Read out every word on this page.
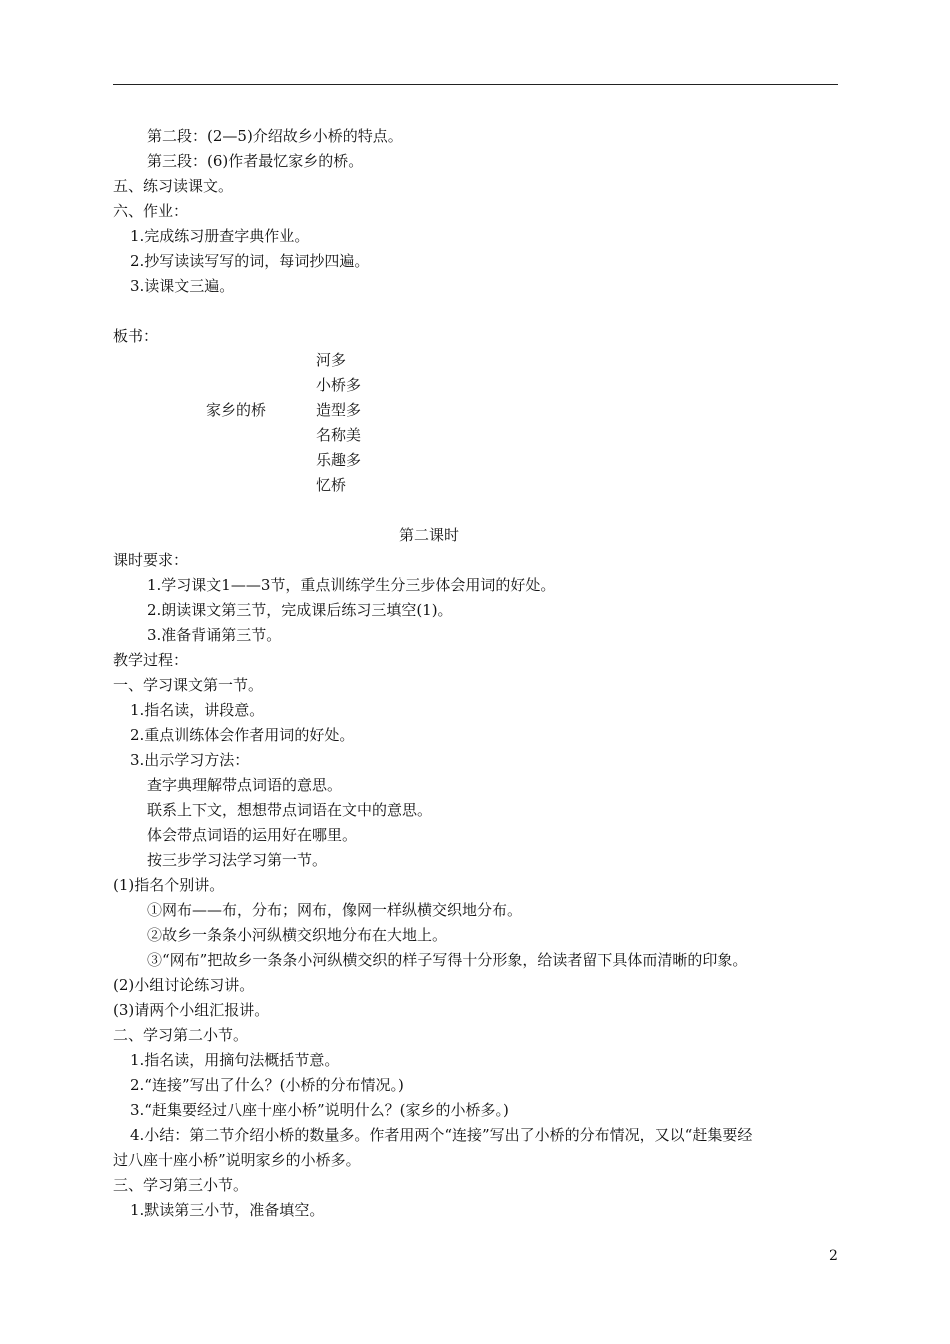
第二段：(2—5)介绍故乡小桥的特点。
第三段：(6)作者最忆家乡的桥。
五、练习读课文。
六、作业：
1.完成练习册查字典作业。
2.抄写读读写写的词，每词抄四遍。
3.读课文三遍。
板书：
家乡的桥
河多
小桥多
造型多
名称美
乐趣多
忆桥
第二课时
课时要求：
1.学习课文1——3节，重点训练学生分三步体会用词的好处。
2.朗读课文第三节，完成课后练习三填空(1)。
3.准备背诵第三节。
教学过程：
一、学习课文第一节。
1.指名读，讲段意。
2.重点训练体会作者用词的好处。
3.出示学习方法：
查字典理解带点词语的意思。
联系上下文，想想带点词语在文中的意思。
体会带点词语的运用好在哪里。
按三步学习法学习第一节。
(1)指名个别讲。
①网布——布，分布；网布，像网一样纵横交织地分布。
②故乡一条条小河纵横交织地分布在大地上。
③“网布”把故乡一条条小河纵横交织的样子写得十分形象，给读者留下具体而清晰的印象。
(2)小组讨论练习讲。
(3)请两个小组汇报讲。
二、学习第二小节。
1.指名读，用摘句法概括节意。
2.“连接”写出了什么？(小桥的分布情况。)
3.“赶集要经过八座十座小桥”说明什么？(家乡的小桥多。)
4.小结：第二节介绍小桥的数量多。作者用两个“连接”写出了小桥的分布情况，又以“赶集要经
过八座十座小桥”说明家乡的小桥多。
三、学习第三小节。
1.默读第三小节，准备填空。
2
